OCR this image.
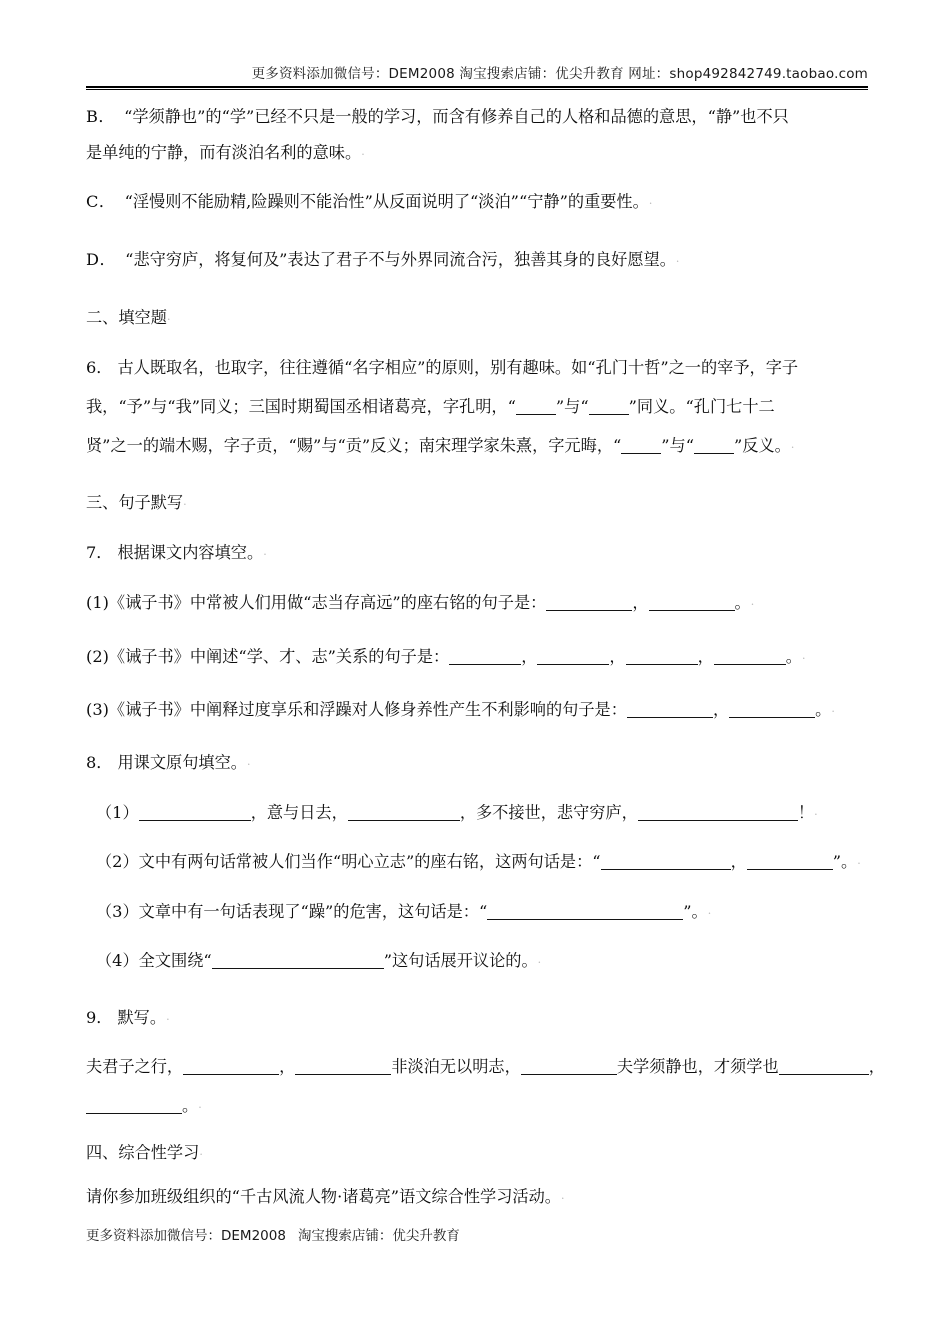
更多资料添加微信号：DEM2008 淘宝搜索店铺：优尖升教育 网址：shop492842749.taobao.com
B． “学须静也”的“学”已经不只是一般的学习，而含有修养自己的人格和品德的意思，“静”也不只
是单纯的宁静，而有淡泊名利的意味。·
C． “淫慢则不能励精,险躁则不能治性”从反面说明了“淡泊”“宁静”的重要性。·
D． “悲守穷庐，将复何及”表达了君子不与外界同流合污，独善其身的良好愿望。·
二、填空题·
6． 古人既取名，也取字，往往遵循“名字相应”的原则，别有趣味。如“孔门十哲”之一的宰予，字子
我，“予”与“我”同义；三国时期蜀国丞相诸葛亮，字孔明，“ ”与“ ”同义。“孔门七十二
贤”之一的端木赐，字子贡，“赐”与“贡”反义；南宋理学家朱熹，字元晦，“ ”与“ ”反义。·
三、句子默写·
7． 根据课文内容填空。·
(1)《诫子书》中常被人们用做“志当存高远”的座右铭的句子是：	，	。·
(2)《诫子书》中阐述“学、才、志”关系的句子是：	，	，	，	。·
(3)《诫子书》中阐释过度享乐和浮躁对人修身养性产生不利影响的句子是：	，	。·
8． 用课文原句填空。·
（1）	，意与日去，	，多不接世，悲守穷庐，	！·
（2）文中有两句话常被人们当作“明心立志”的座右铭，这两句话是：“	，	”。·
（3）文章中有一句话表现了“躁”的危害，这句话是：“	”。·
（4）全文围绕“	”这句话展开议论的。·
9． 默写。·
夫君子之行，	，	非淡泊无以明志，	夫学须静也，才须学也	，
。·
四、综合性学习·
请你参加班级组织的“千古风流人物·诸葛亮”语文综合性学习活动。·
更多资料添加微信号：DEM2008 淘宝搜索店铺：优尖升教育
